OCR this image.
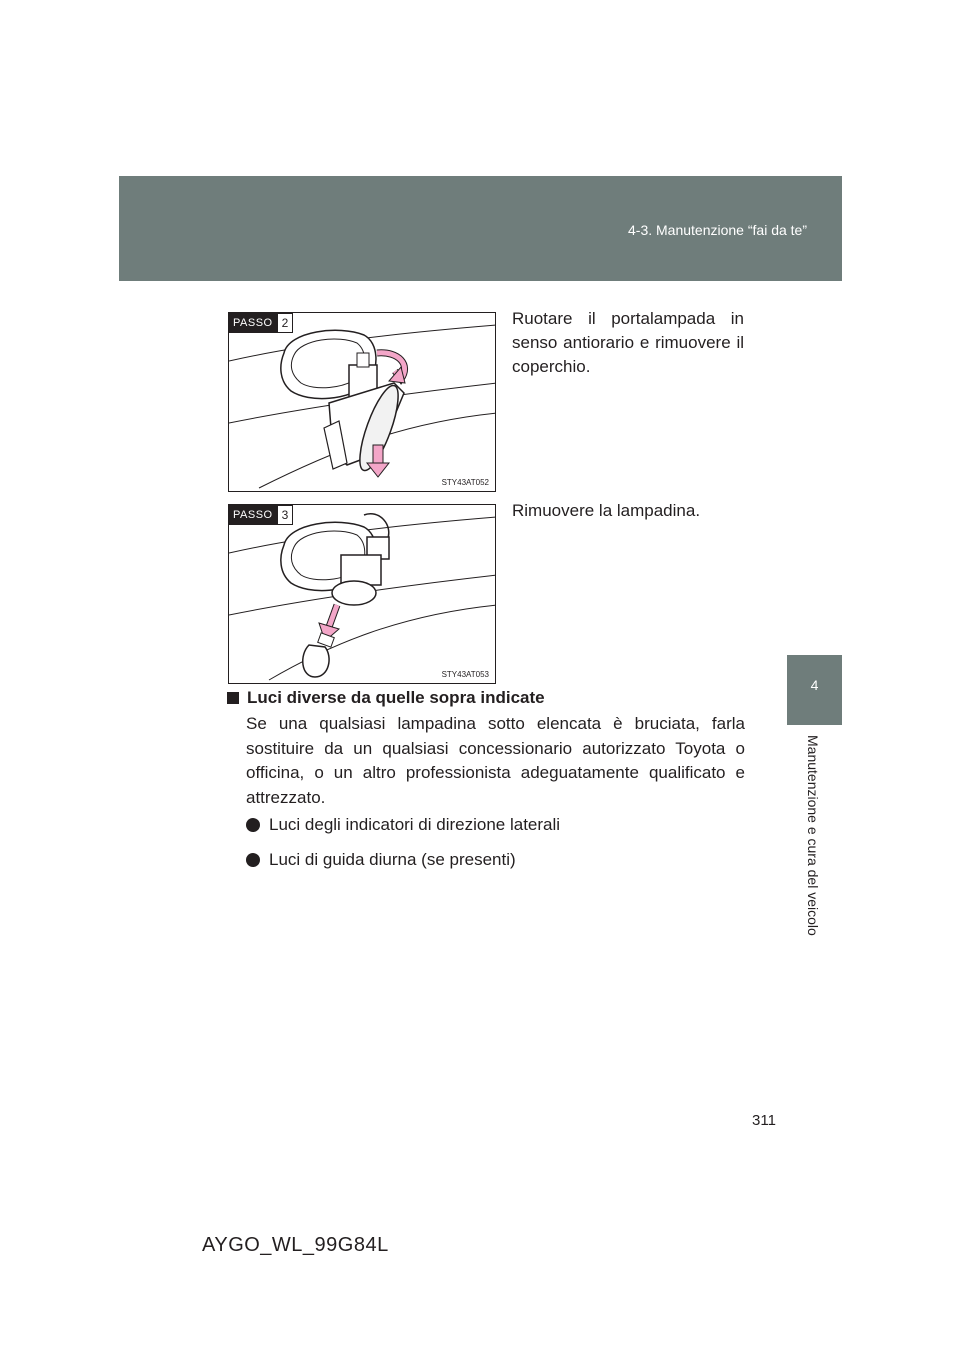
4-3. Manutenzione “fai da te”
4
Manutenzione e cura del veicolo
PASSO 2
STY43AT052
Ruotare il portalampada in senso antiorario e rimuovere il coperchio.
PASSO 3
STY43AT053
Rimuovere la lampadina.
Luci diverse da quelle sopra indicate
Se una qualsiasi lampadina sotto elencata è bruciata, farla sostituire da un qualsiasi concessionario autorizzato Toyota o officina, o un altro professionista adeguatamente qualificato e attrezzato.
Luci degli indicatori di direzione laterali
Luci di guida diurna (se presenti)
311
AYGO_WL_99G84L
